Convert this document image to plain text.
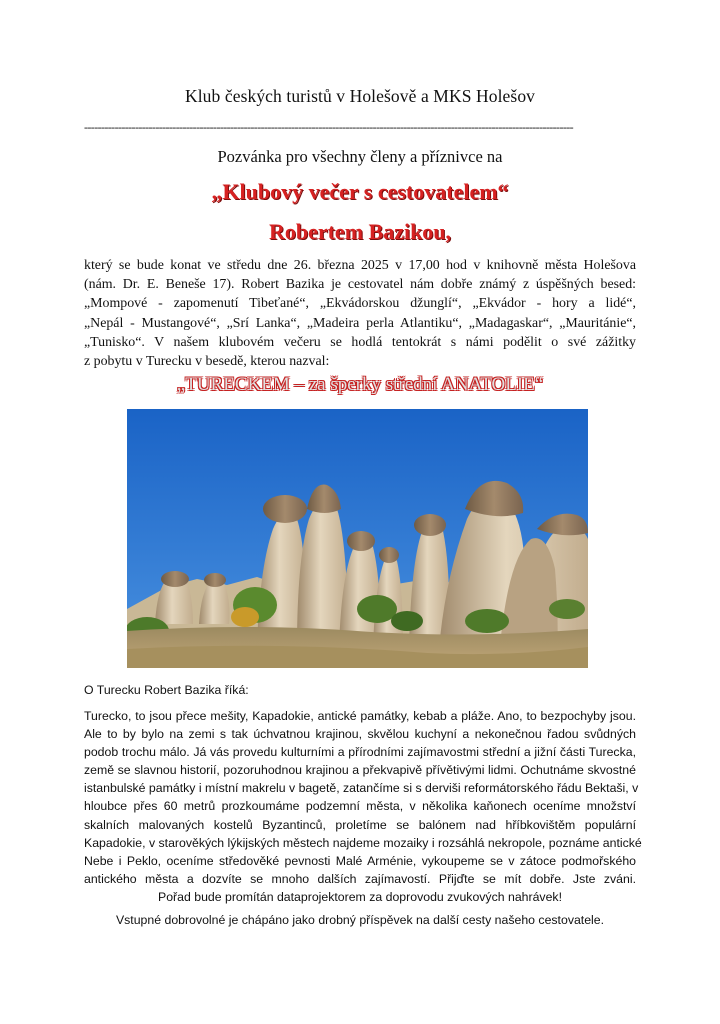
Klub českých turistů v Holešově a MKS Holešov
------------------------------------------------------------------------------------------------------------------------------------------------
Pozvánka pro všechny členy a příznivce na
„Klubový večer s cestovatelem“
Robertem Bazikou,
který se bude konat ve středu dne 26. března 2025 v 17,00 hod v knihovně města Holešova
(nám. Dr. E. Beneše 17). Robert Bazika je cestovatel nám dobře známý z úspěšných besed:
„Mompové - zapomenutí Tibeťané“, „Ekvádorskou džunglí“, „Ekvádor - hory a lidé“,
„Nepál - Mustangové“, „Srí Lanka“, „Madeira perla Atlantiku“, „Madagaskar“, „Mauritánie“,
„Tunisko“. V našem klubovém večeru se hodlá tentokrát s námi podělit o své zážitky
z pobytu v Turecku v besedě, kterou nazval:
„TURECKEM – za šperky střední ANATOLIE“
O Turecku Robert Bazika říká:
Turecko, to jsou přece mešity, Kapadokie, antické památky, kebab a pláže. Ano, to bezpochyby jsou.
Ale to by bylo na zemi s tak úchvatnou krajinou, skvělou kuchyní a nekonečnou řadou svůdných
podob trochu málo. Já vás provedu kulturními a přírodními zajímavostmi střední a jižní části Turecka,
země se slavnou historií, pozoruhodnou krajinou a překvapivě přívětivými lidmi. Ochutnáme skvostné
istanbulské památky i místní makrelu v bagetě, zatančíme si s derviši reformátorského řádu Bektaši, v
hloubce přes 60 metrů prozkoumáme podzemní města, v několika kaňonech oceníme množství
skalních malovaných kostelů Byzantinců, proletíme se balónem nad hříbkovištěm populární
Kapadokie, v starověkých lýkijských městech najdeme mozaiky i rozsáhlá nekropole, poznáme antické
Nebe i Peklo, oceníme středověké pevnosti Malé Arménie, vykoupeme se v zátoce podmořského
antického města a dozvíte se mnoho dalších zajímavostí. Přijďte se mít dobře. Jste zváni.
Pořad bude promítán dataprojektorem za doprovodu zvukových nahrávek!
Vstupné dobrovolné je chápáno jako drobný příspěvek na další cesty našeho cestovatele.
